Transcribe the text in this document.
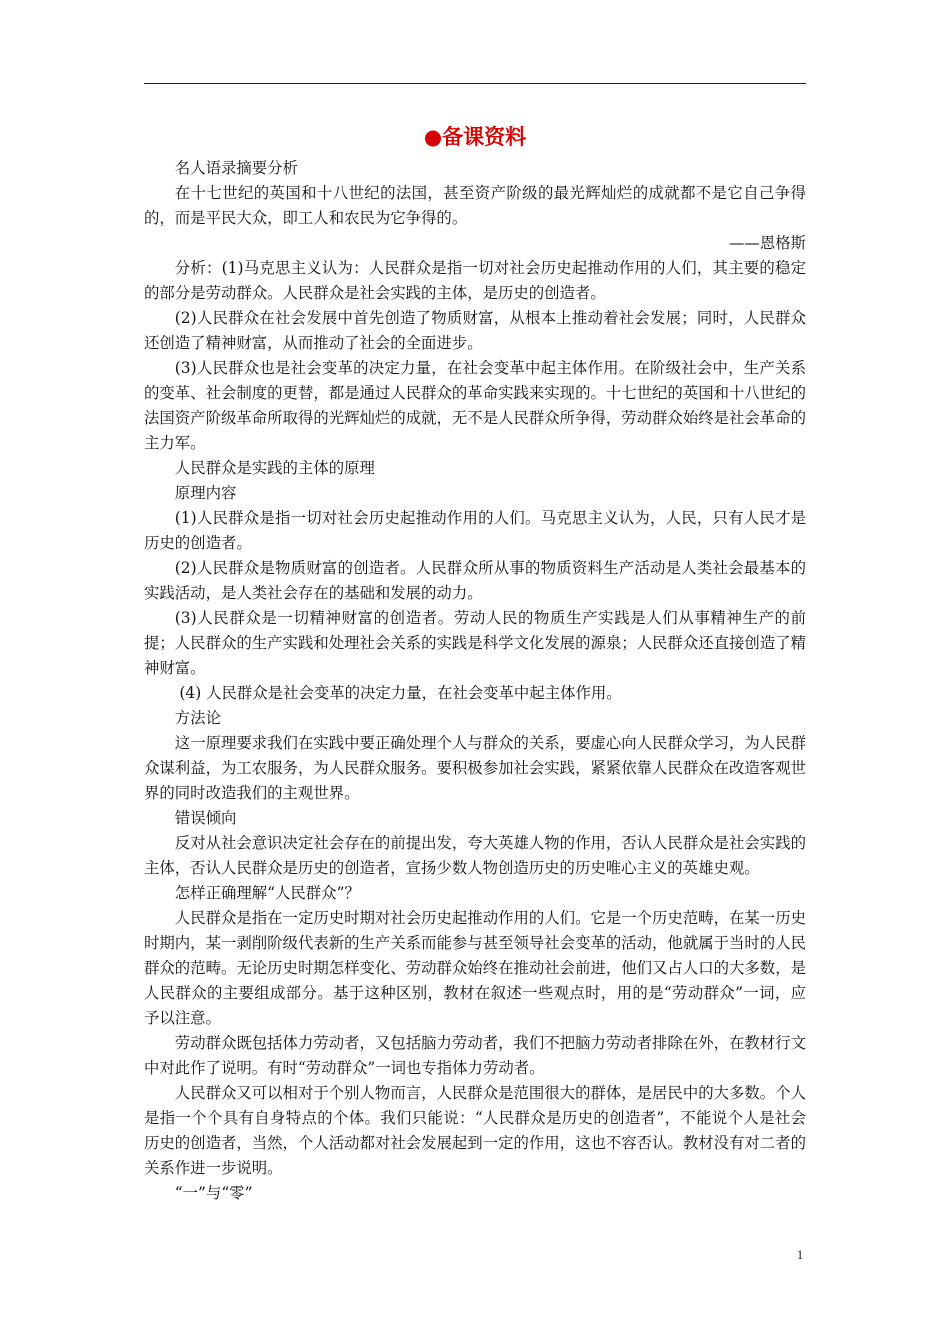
●备课资料

名人语录摘要分析

在十七世纪的英国和十八世纪的法国，甚至资产阶级的最光辉灿烂的成就都不是它自己争得的，而是平民大众，即工人和农民为它争得的。

——恩格斯

分析：(1)马克思主义认为：人民群众是指一切对社会历史起推动作用的人们，其主要的稳定的部分是劳动群众。人民群众是社会实践的主体，是历史的创造者。

(2)人民群众在社会发展中首先创造了物质财富，从根本上推动着社会发展；同时，人民群众还创造了精神财富，从而推动了社会的全面进步。

(3)人民群众也是社会变革的决定力量，在社会变革中起主体作用。在阶级社会中，生产关系的变革、社会制度的更替，都是通过人民群众的革命实践来实现的。十七世纪的英国和十八世纪的法国资产阶级革命所取得的光辉灿烂的成就，无不是人民群众所争得，劳动群众始终是社会革命的主力军。

人民群众是实践的主体的原理

原理内容

(1)人民群众是指一切对社会历史起推动作用的人们。马克思主义认为，人民，只有人民才是历史的创造者。

(2)人民群众是物质财富的创造者。人民群众所从事的物质资料生产活动是人类社会最基本的实践活动，是人类社会存在的基础和发展的动力。

(3)人民群众是一切精神财富的创造者。劳动人民的物质生产实践是人们从事精神生产的前提；人民群众的生产实践和处理社会关系的实践是科学文化发展的源泉；人民群众还直接创造了精神财富。

(4) 人民群众是社会变革的决定力量，在社会变革中起主体作用。

方法论

这一原理要求我们在实践中要正确处理个人与群众的关系，要虚心向人民群众学习，为人民群众谋利益，为工农服务，为人民群众服务。要积极参加社会实践，紧紧依靠人民群众在改造客观世界的同时改造我们的主观世界。

错误倾向

反对从社会意识决定社会存在的前提出发，夸大英雄人物的作用，否认人民群众是社会实践的主体，否认人民群众是历史的创造者，宣扬少数人物创造历史的历史唯心主义的英雄史观。

怎样正确理解“人民群众”？

人民群众是指在一定历史时期对社会历史起推动作用的人们。它是一个历史范畴，在某一历史时期内，某一剥削阶级代表新的生产关系而能参与甚至领导社会变革的活动，他就属于当时的人民群众的范畴。无论历史时期怎样变化、劳动群众始终在推动社会前进，他们又占人口的大多数，是人民群众的主要组成部分。基于这种区别，教材在叙述一些观点时，用的是“劳动群众”一词，应予以注意。

劳动群众既包括体力劳动者，又包括脑力劳动者，我们不把脑力劳动者排除在外，在教材行文中对此作了说明。有时“劳动群众”一词也专指体力劳动者。

人民群众又可以相对于个别人物而言，人民群众是范围很大的群体，是居民中的大多数。个人是指一个个具有自身特点的个体。我们只能说：“人民群众是历史的创造者”，不能说个人是社会历史的创造者，当然，个人活动都对社会发展起到一定的作用，这也不容否认。教材没有对二者的关系作进一步说明。

“一”与“零”

1
